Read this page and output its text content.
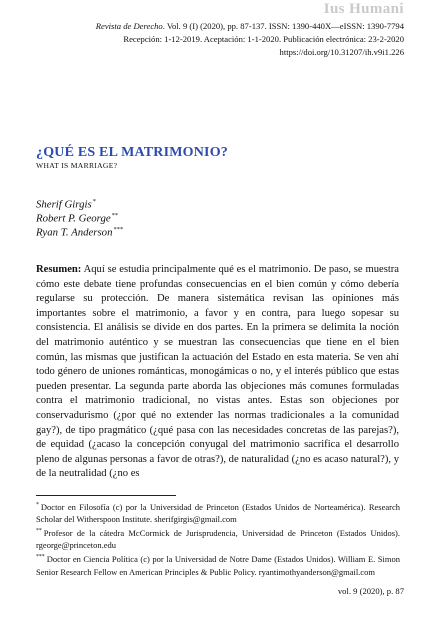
Ius Humani
Revista de Derecho. Vol. 9 (I) (2020), pp. 87-137. ISSN: 1390-440X—eISSN: 1390-7794
Recepción: 1-12-2019. Aceptación: 1-1-2020. Publicación electrónica: 23-2-2020
https://doi.org/10.31207/ih.v9i1.226
¿QUÉ ES EL MATRIMONIO?
WHAT IS MARRIAGE?
Sherif Girgis*
Robert P. George**
Ryan T. Anderson***
Resumen: Aquí se estudia principalmente qué es el matrimonio. De paso, se muestra cómo este debate tiene profundas consecuencias en el bien común y cómo debería regularse su protección. De manera sistemática revisan las opiniones más importantes sobre el matrimonio, a favor y en contra, para luego sopesar su consistencia. El análisis se divide en dos partes. En la primera se delimita la noción del matrimonio auténtico y se muestran las consecuencias que tiene en el bien común, las mismas que justifican la actuación del Estado en esta materia. Se ven ahí todo género de uniones románticas, monogámicas o no, y el interés público que estas pueden presentar. La segunda parte aborda las objeciones más comunes formuladas contra el matrimonio tradicional, no vistas antes. Estas son objeciones por conservadurismo (¿por qué no extender las normas tradicionales a la comunidad gay?), de tipo pragmático (¿qué pasa con las necesidades concretas de las parejas?), de equidad (¿acaso la concepción conyugal del matrimonio sacrifica el desarrollo pleno de algunas personas a favor de otras?), de naturalidad (¿no es acaso natural?), y de la neutralidad (¿no es

* Doctor en Filosofía (c) por la Universidad de Princeton (Estados Unidos de Norteamérica). Research Scholar del Witherspoon Institute. sherifgirgis@gmail.com

** Profesor de la cátedra McCormick de Jurisprudencia, Universidad de Princeton (Estados Unidos). rgeorge@princeton.edu

*** Doctor en Ciencia Política (c) por la Universidad de Notre Dame (Estados Unidos). William E. Simon Senior Research Fellow en American Principles & Public Policy. ryantimothyanderson@gmail.com

vol. 9 (2020), p. 87
